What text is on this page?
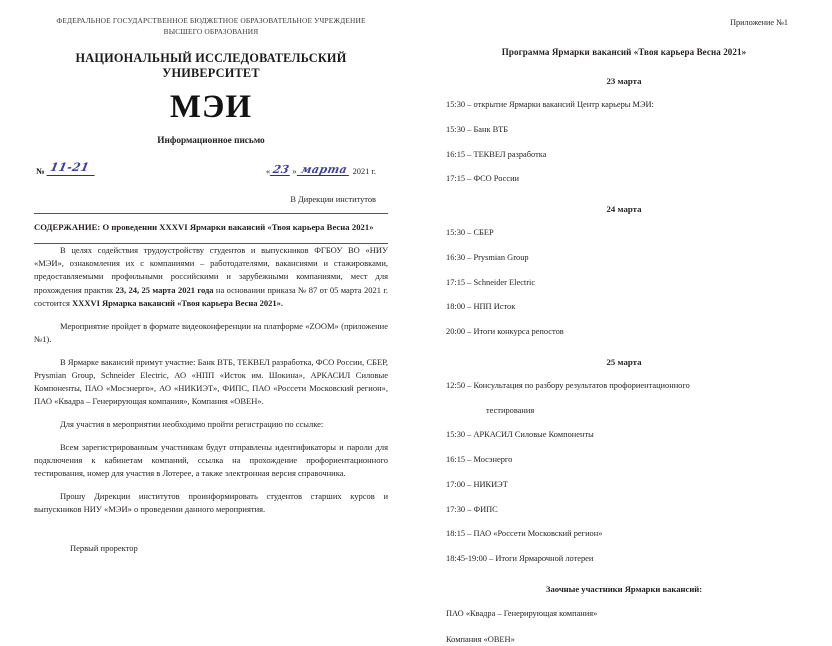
ФЕДЕРАЛЬНОЕ ГОСУДАРСТВЕННОЕ БЮДЖЕТНОЕ ОБРАЗОВАТЕЛЬНОЕ УЧРЕЖДЕНИЕ
ВЫСШЕГО ОБРАЗОВАНИЯ
НАЦИОНАЛЬНЫЙ ИССЛЕДОВАТЕЛЬСКИЙ УНИВЕРСИТЕТ
МЭИ
Информационное письмо
№ 11-21	« 23 » марта 2021 г.
В Дирекции институтов
СОДЕРЖАНИЕ: О проведении XXXVI Ярмарки вакансий «Твоя карьера Весна 2021»

В целях содействия трудоустройству студентов и выпускников ФГБОУ ВО «НИУ «МЭИ», ознакомления их с компаниями – работодателями, вакансиями и стажировками, предоставляемыми профильными российскими и зарубежными компаниями, мест для прохождения практик 23, 24, 25 марта 2021 года на основании приказа № 87 от 05 марта 2021 г. состоится XXXVI Ярмарка вакансий «Твоя карьера Весна 2021».

Мероприятие пройдет в формате видеоконференции на платформе «ZOOM» (приложение №1).

В Ярмарке вакансий примут участие: Банк ВТБ, ТЕКВЕЛ разработка, ФСО России, СБЕР, Prysmian Group, Schneider Electric, АО «НПП «Исток им. Шокина», АРКАСИЛ Силовые Компоненты, ПАО «Мосэнерго», АО «НИКИЭТ», ФИПС, ПАО «Россети Московский регион», ПАО «Квадра – Генерирующая компания», Компания «ОВЕН».

Для участия в мероприятии необходимо пройти регистрацию по ссылке:

Всем зарегистрированным участникам будут отправлены идентификаторы и пароли для подключения к кабинетам компаний, ссылка на прохождение профориентационного тестирования, номер для участия в Лотерее, а также электронная версия справочника.

Прошу Дирекции институтов проинформировать студентов старших курсов и выпускников НИУ «МЭИ» о проведении данного мероприятия.

Первый проректор
Приложение №1
Программа Ярмарки вакансий «Твоя карьера Весна 2021»
23 марта
15:30 – открытие Ярмарки вакансий Центр карьеры МЭИ:
15:30 – Банк ВТБ
16:15 – ТЕКВЕЛ разработка
17:15 – ФСО России
24 марта
15:30 – СБЕР
16:30 – Prysmian Group
17:15 – Schneider Electric
18:00 – НПП Исток
20:00 – Итоги конкурса репостов
25 марта
12:50 – Консультация по разбору результатов профориентационного
тестирования
15:30 – АРКАСИЛ Силовые Компоненты
16:15 – Мосэнерго
17:00 – НИКИЭТ
17:30 – ФИПС
18:15 – ПАО «Россети Московский регион»
18:45-19:00 – Итоги Ярмарочной лотереи
Заочные участники Ярмарки вакансий:
ПАО «Квадра – Генерирующая компания»
Компания «ОВЕН»
